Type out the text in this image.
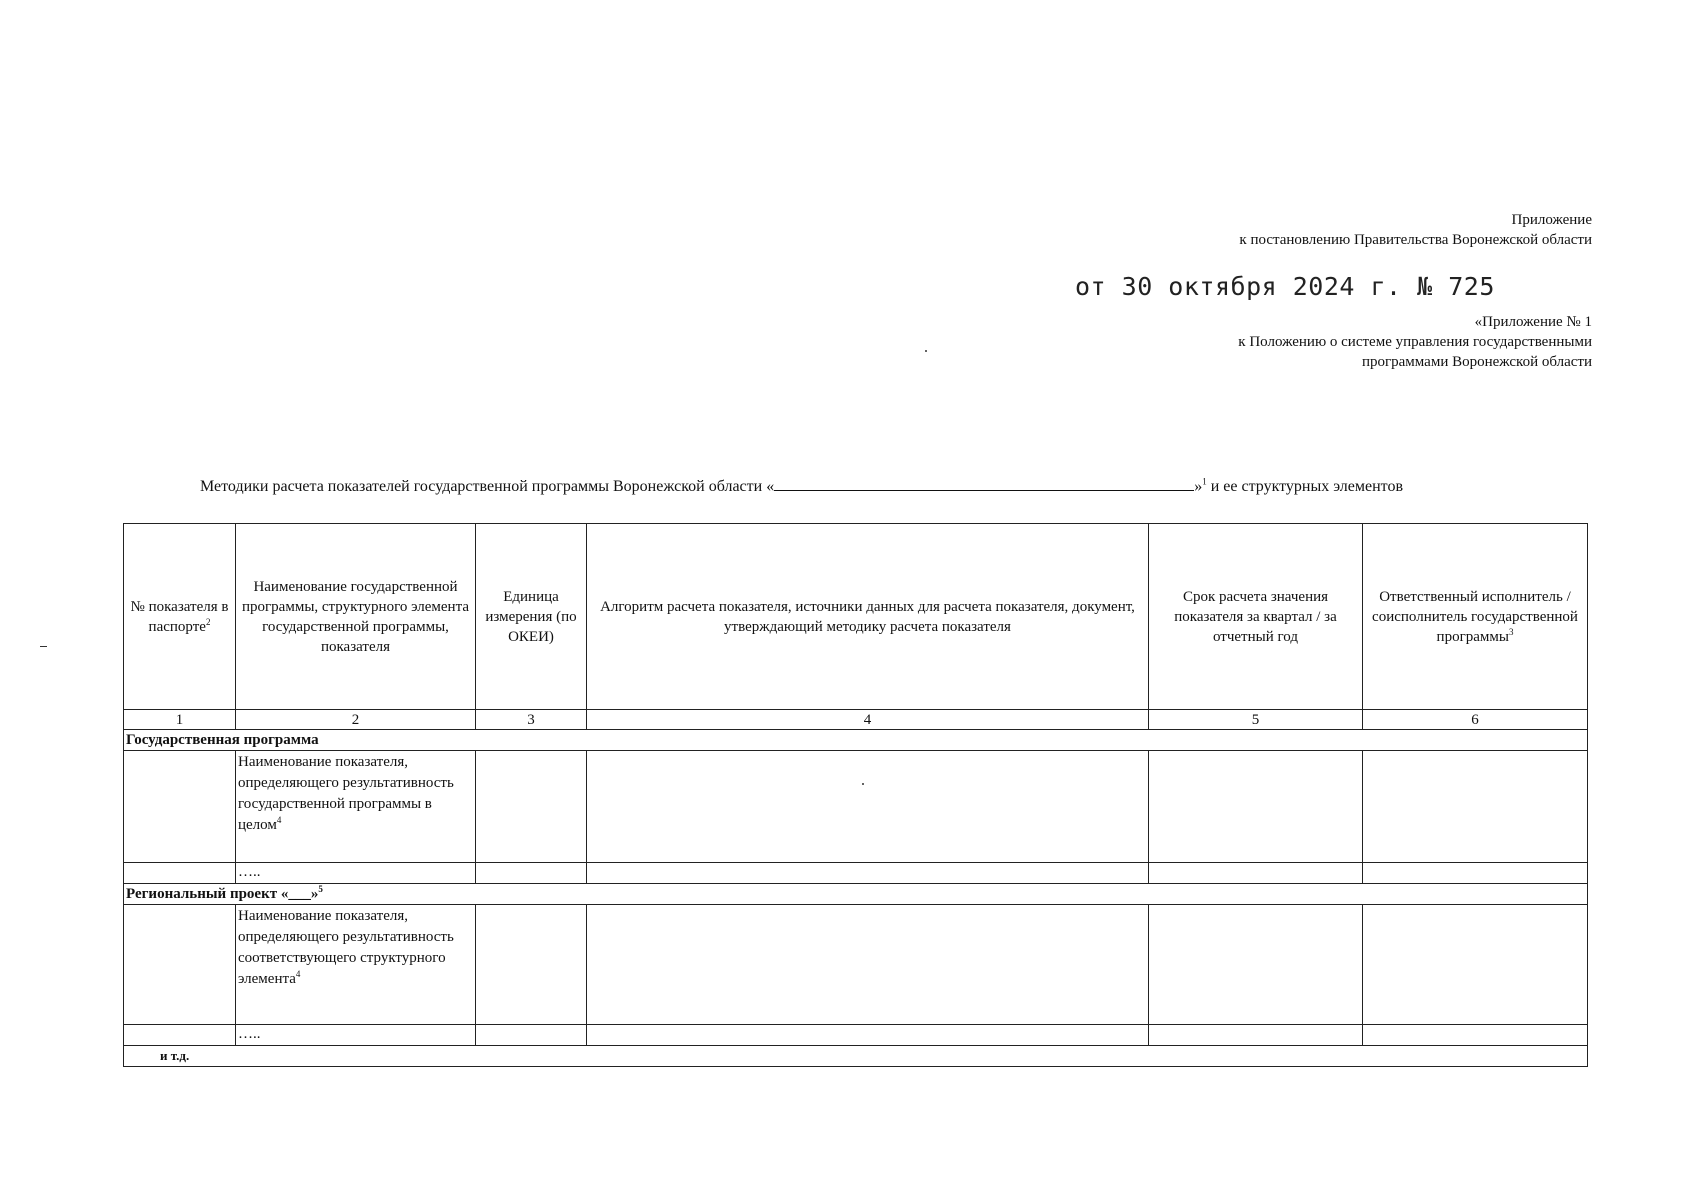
Приложение
к постановлению Правительства Воронежской области
от 30 октября 2024 г. № 725
«Приложение № 1
к Положению о системе управления государственными
программами Воронежской области
Методики расчета показателей государственной программы Воронежской области «	»$^1$ и ее структурных элементов
№ показателя в паспорте$^2$	Наименование государственной программы, структурного элемента государственной программы, показателя	Единица измерения (по ОКЕИ)	Алгоритм расчета показателя, источники данных для расчета показателя, документ, утверждающий методику расчета показателя	Срок расчета значения показателя за квартал / за отчетный год	Ответственный исполнитель / соисполнитель государственной программы$^3$
1	2	3	4	5	6
Государственная программа					
	Наименование показателя, определяющего результативность государственной программы в целом$^4$		

	…..				
Региональный проект «___»$^5$
	Наименование показателя, определяющего результативность соответствующего структурного элемента$^4$				
	…..				
и т.д.					
